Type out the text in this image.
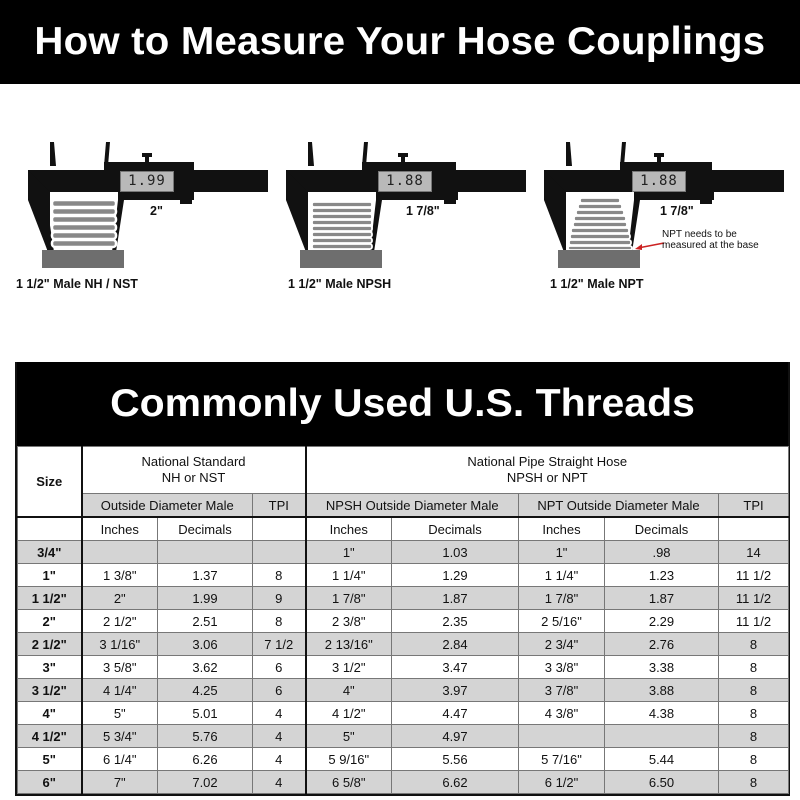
How to Measure Your Hose Couplings
1.99
2"
1 1/2" Male NH / NST
1.88
1 7/8"
1 1/2" Male NPSH
1.88
1 7/8"
NPT needs to be
measured at the base
1 1/2" Male NPT
Commonly Used U.S. Threads
Size	
National Standard
NH or NST

National Pipe Straight Hose
NPSH or NPT

	Outside Diameter Male		TPI	NPSH Outside Diameter Male		NPT Outside Diameter Male		TPI
	Inches	Decimals		Inches	Decimals	Inches	Decimals	
3/4"				1"	1.03	1"	.98	14
1"	1 3/8"	1.37	8	1 1/4"	1.29	1 1/4"	1.23	11 1/2
1 1/2"	2"	1.99	9	1 7/8"	1.87	1 7/8"	1.87	11 1/2
2"	2 1/2"	2.51	8	2 3/8"	2.35	2 5/16"	2.29	11 1/2
2 1/2"	3 1/16"	3.06	7 1/2	2 13/16"	2.84	2 3/4"	2.76	8
3"	3 5/8"	3.62	6	3 1/2"	3.47	3 3/8"	3.38	8
3 1/2"	4 1/4"	4.25	6	4"	3.97	3 7/8"	3.88	8
4"	5"	5.01	4	4 1/2"	4.47	4 3/8"	4.38	8
4 1/2"	5 3/4"	5.76	4	5"	4.97			8
5"	6 1/4"	6.26	4	5 9/16"	5.56	5 7/16"	5.44	8
6"	7"	7.02	4	6 5/8"	6.62	6 1/2"	6.50	8
